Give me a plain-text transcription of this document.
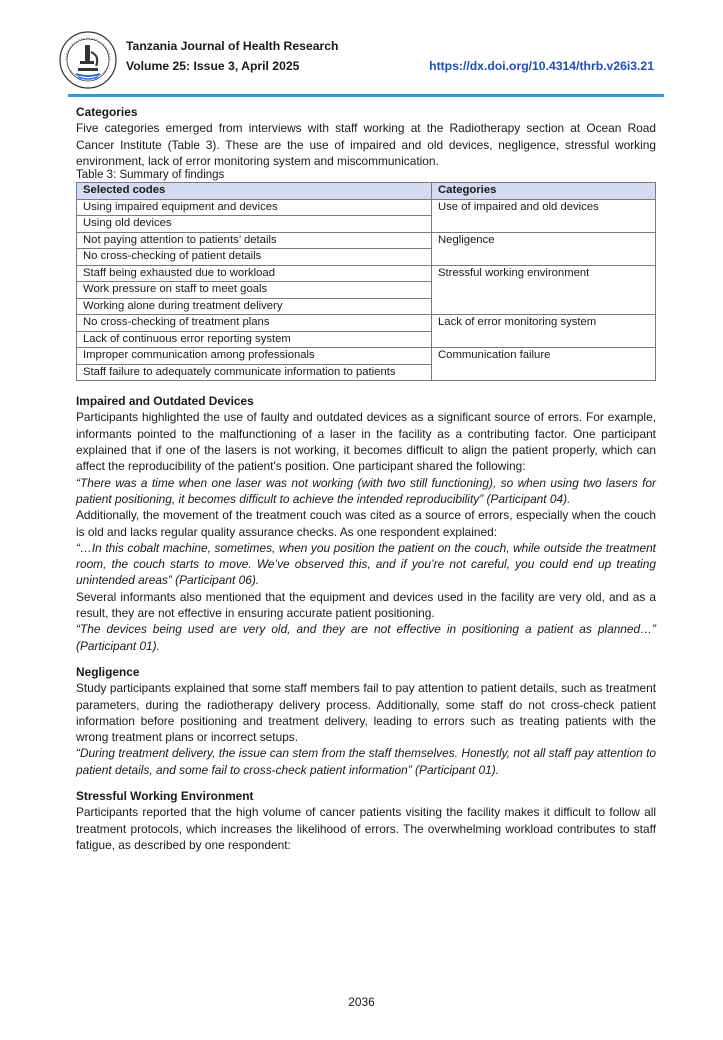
Tanzania Journal of Health Research
Volume 25: Issue 3, April 2025	https://dx.doi.org/10.4314/thrb.v26i3.21
Categories

Five categories emerged from interviews with staff working at the Radiotherapy section at Ocean Road Cancer Institute (Table 3). These are the use of impaired and old devices, negligence, stressful working environment, lack of error monitoring system and miscommunication.

Table 3: Summary of findings
Selected codes	Categories
Using impaired equipment and devices	Use of impaired and old devices
Using old devices	
Not paying attention to patients’ details	Negligence
No cross-checking of patient details	
Staff being exhausted due to workload	Stressful working environment
Work pressure on staff to meet goals	
Working alone during treatment delivery	
No cross-checking of treatment plans	Lack of error monitoring system
Lack of continuous error reporting system	
Improper communication among professionals	Communication failure
Staff failure to adequately communicate information to patients	
Impaired and Outdated Devices

Participants highlighted the use of faulty and outdated devices as a significant source of errors. For example, informants pointed to the malfunctioning of a laser in the facility as a contributing factor. One participant explained that if one of the lasers is not working, it becomes difficult to align the patient properly, which can affect the reproducibility of the patient's position. One participant shared the following:

“There was a time when one laser was not working (with two still functioning), so when using two lasers for patient positioning, it becomes difficult to achieve the intended reproducibility” (Participant 04).

Additionally, the movement of the treatment couch was cited as a source of errors, especially when the couch is old and lacks regular quality assurance checks. As one respondent explained:

“…In this cobalt machine, sometimes, when you position the patient on the couch, while outside the treatment room, the couch starts to move. We’ve observed this, and if you’re not careful, you could end up treating unintended areas” (Participant 06).

Several informants also mentioned that the equipment and devices used in the facility are very old, and as a result, they are not effective in ensuring accurate patient positioning.

“The devices being used are very old, and they are not effective in positioning a patient as planned…” (Participant 01).

Negligence

Study participants explained that some staff members fail to pay attention to patient details, such as treatment parameters, during the radiotherapy delivery process. Additionally, some staff do not cross-check patient information before positioning and treatment delivery, leading to errors such as treating patients with the wrong treatment plans or incorrect setups.

“During treatment delivery, the issue can stem from the staff themselves. Honestly, not all staff pay attention to patient details, and some fail to cross-check patient information” (Participant 01).

Stressful Working Environment

Participants reported that the high volume of cancer patients visiting the facility makes it difficult to follow all treatment protocols, which increases the likelihood of errors. The overwhelming workload contributes to staff fatigue, as described by one respondent:

2036
